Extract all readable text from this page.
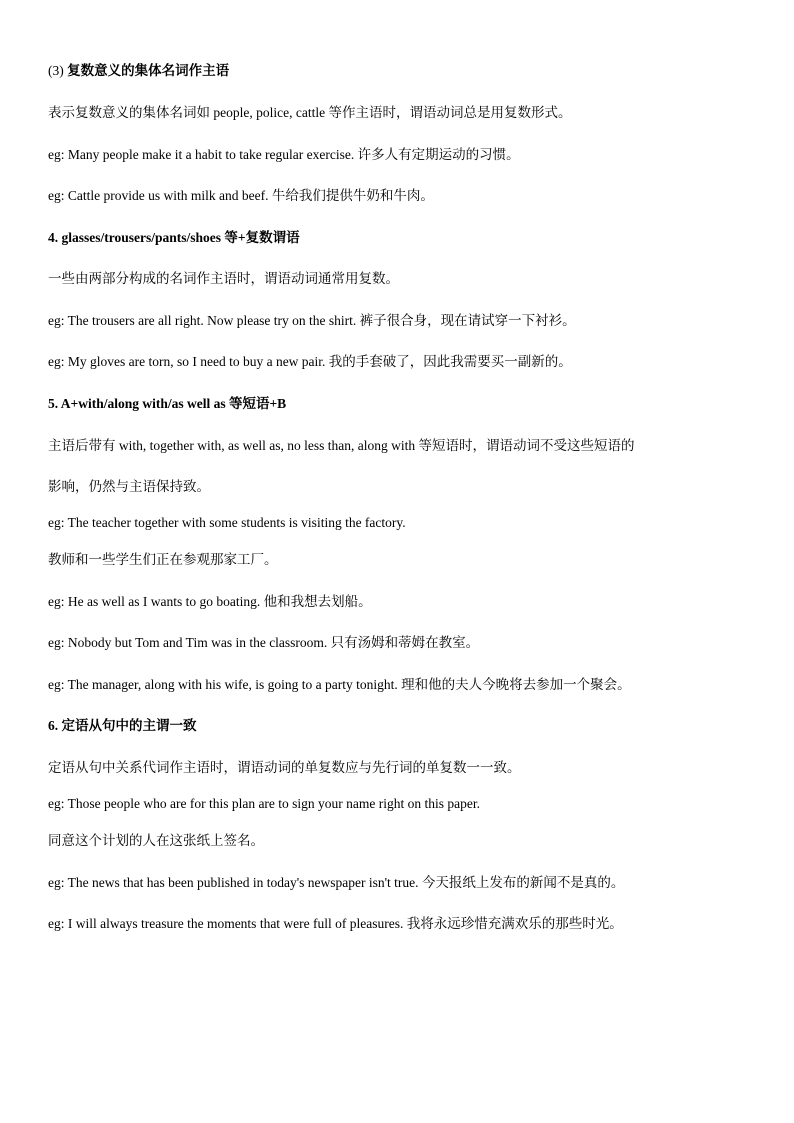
(3) 复数意义的集体名词作主语
表示复数意义的集体名词如 people, police, cattle 等作主语时，谓语动词总是用复数形式。
eg: Many people make it a habit to take regular exercise. 许多人有定期运动的习惯。
eg: Cattle provide us with milk and beef. 牛给我们提供牛奶和牛肉。
4. glasses/trousers/pants/shoes 等+复数谓语
一些由两部分构成的名词作主语时，谓语动词通常用复数。
eg: The trousers are all right. Now please try on the shirt. 裤子很合身，现在请试穿一下衬衫。
eg: My gloves are torn, so I need to buy a new pair. 我的手套破了，因此我需要买一副新的。
5. A+with/along with/as well as 等短语+B
主语后带有 with, together with, as well as, no less than, along with 等短语时，谓语动词不受这些短语的
影响，仍然与主语保持致。
eg: The teacher together with some students is visiting the factory.
教师和一些学生们正在参观那家工厂。
eg: He as well as I wants to go boating. 他和我想去划船。
eg: Nobody but Tom and Tim was in the classroom. 只有汤姆和蒂姆在教室。
eg: The manager, along with his wife, is going to a party tonight. 理和他的夫人今晚将去参加一个聚会。
6. 定语从句中的主谓一致
定语从句中关系代词作主语时，谓语动词的单复数应与先行词的单复数一一致。
eg: Those people who are for this plan are to sign your name right on this paper.
同意这个计划的人在这张纸上签名。
eg: The news that has been published in today's newspaper isn't true. 今天报纸上发布的新闻不是真的。
eg: I will always treasure the moments that were full of pleasures. 我将永远珍惜充满欢乐的那些时光。
